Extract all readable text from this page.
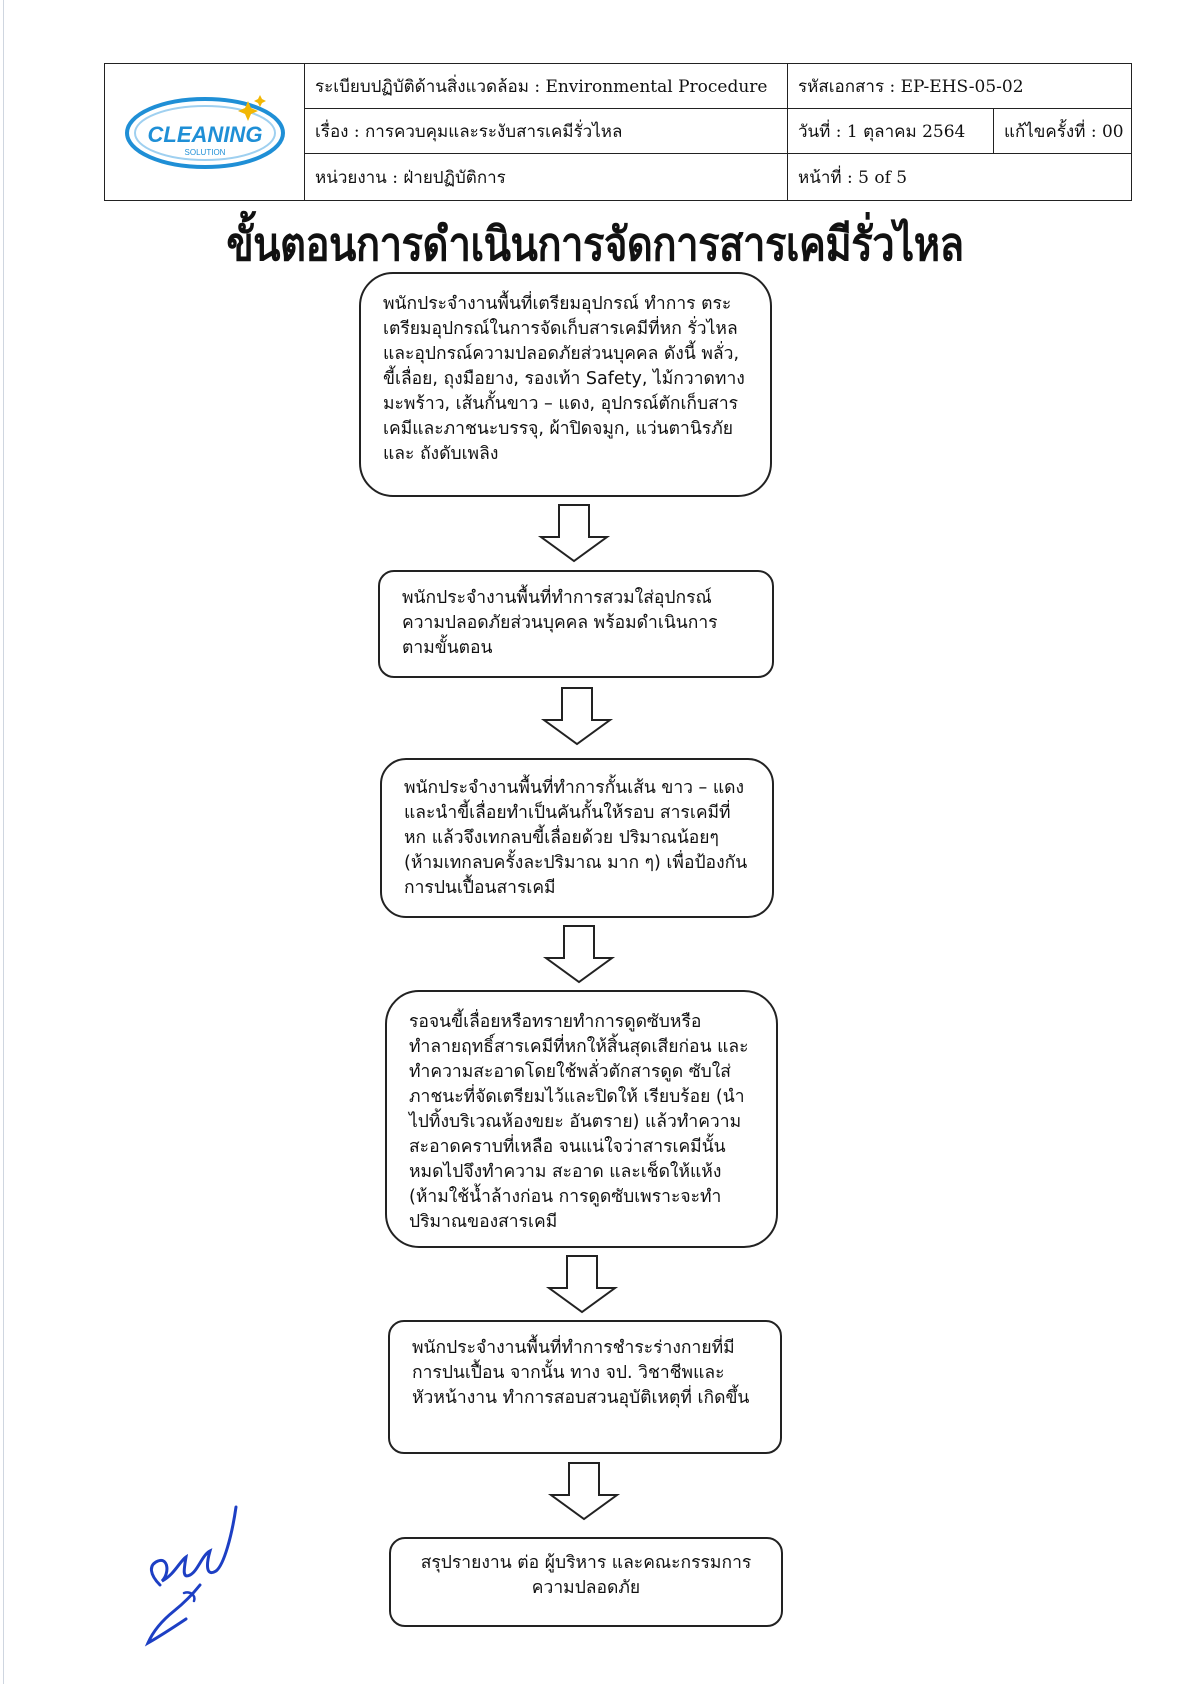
CLEANING
SOLUTION
ระเบียบปฏิบัติด้านสิ่งแวดล้อม : Environmental Procedure	รหัสเอกสาร : EP-EHS-05-02
เรื่อง : การควบคุมและระงับสารเคมีรั่วไหล	วันที่ : 1 ตุลาคม 2564	แก้ไขครั้งที่ : 00
หน่วยงาน : ฝ่ายปฏิบัติการ	หน้าที่ : 5 of 5
ขั้นตอนการดำเนินการจัดการสารเคมีรั่วไหล

พนักประจำงานพื้นที่เตรียมอุปกรณ์ ทำการ ตระเตรียมอุปกรณ์ในการจัดเก็บสารเคมีที่หก รั่วไหล และอุปกรณ์ความปลอดภัยส่วนบุคคล ดังนี้ พลั่ว, ขี้เลื่อย, ถุงมือยาง, รองเท้า Safety, ไม้กวาดทางมะพร้าว, เส้นกั้นขาว – แดง, อุปกรณ์ตักเก็บสารเคมีและภาชนะบรรจุ, ผ้าปิดจมูก, แว่นตานิรภัยและ ถังดับเพลิง

พนักประจำงานพื้นที่ทำการสวมใส่อุปกรณ์ ความปลอดภัยส่วนบุคคล พร้อมดำเนินการ ตามขั้นตอน

พนักประจำงานพื้นที่ทำการกั้นเส้น ขาว – แดง และนำขี้เลื่อยทำเป็นคันกั้นให้รอบ สารเคมีที่หก แล้วจึงเทกลบขี้เลื่อยด้วย ปริมาณน้อยๆ (ห้ามเทกลบครั้งละปริมาณ มาก ๆ) เพื่อป้องกันการปนเปื้อนสารเคมี

รอจนขี้เลื่อยหรือทรายทำการดูดซับหรือ ทำลายฤทธิ์สารเคมีที่หกให้สิ้นสุดเสียก่อน และทำความสะอาดโดยใช้พลั่วตักสารดูด ซับใส่ภาชนะที่จัดเตรียมไว้และปิดให้ เรียบร้อย (นำไปทิ้งบริเวณห้องขยะ อันตราย) แล้วทำความสะอาดคราบที่เหลือ จนแน่ใจว่าสารเคมีนั้นหมดไปจึงทำความ สะอาด และเช็ดให้แห้ง (ห้ามใช้น้ำล้างก่อน การดูดซับเพราะจะทำปริมาณของสารเคมี

พนักประจำงานพื้นที่ทำการชำระร่างกายที่มี การปนเปื้อน จากนั้น ทาง จป. วิชาชีพและ หัวหน้างาน ทำการสอบสวนอุบัติเหตุที่ เกิดขึ้น

สรุปรายงาน ต่อ ผู้บริหาร และคณะกรรมการ ความปลอดภัย
